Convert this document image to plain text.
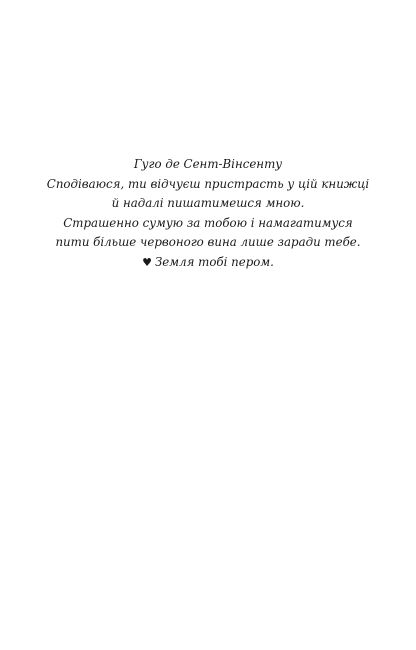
Гуго де Сент-Вінсенту
Сподіваюся, ти відчуєш пристрасть у цій книжці
й надалі пишатимешся мною.
Страшенно сумую за тобою і намагатимуся
пити більше червоного вина лише заради тебе.
♥ Земля тобі пером.
